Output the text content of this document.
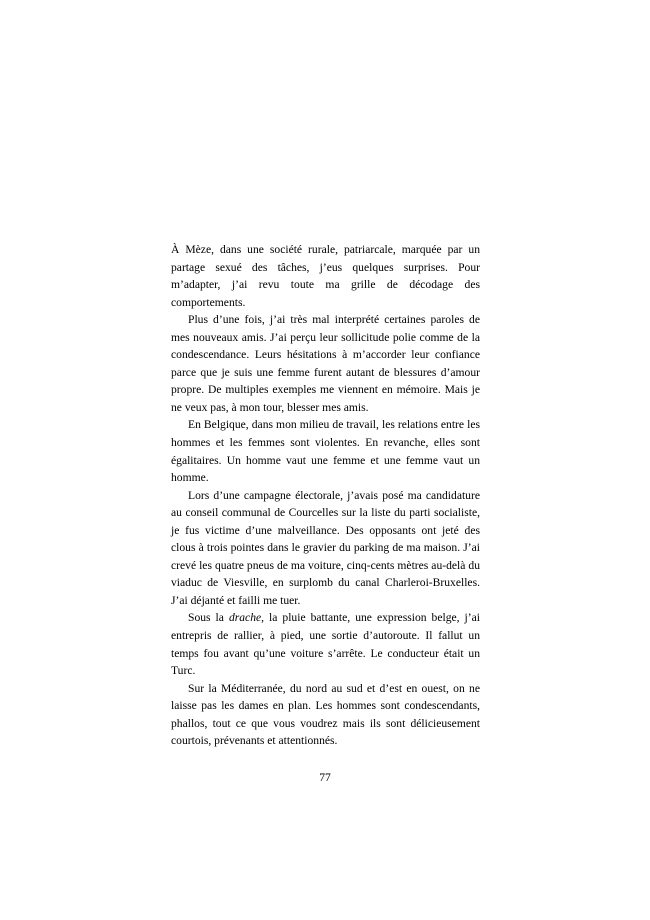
À Mèze, dans une société rurale, patriarcale, marquée par un partage sexué des tâches, j’eus quelques surprises. Pour m’adapter, j’ai revu toute ma grille de décodage des comportements.

Plus d’une fois, j’ai très mal interprété certaines paroles de mes nouveaux amis. J’ai perçu leur sollicitude polie comme de la condescendance. Leurs hésitations à m’accorder leur confiance parce que je suis une femme furent autant de blessures d’amour propre. De multiples exemples me viennent en mémoire. Mais je ne veux pas, à mon tour, blesser mes amis.

En Belgique, dans mon milieu de travail, les relations entre les hommes et les femmes sont violentes. En revanche, elles sont égalitaires. Un homme vaut une femme et une femme vaut un homme.

Lors d’une campagne électorale, j’avais posé ma candidature au conseil communal de Courcelles sur la liste du parti socialiste, je fus victime d’une malveillance. Des opposants ont jeté des clous à trois pointes dans le gravier du parking de ma maison. J’ai crevé les quatre pneus de ma voiture, cinq-cents mètres au-delà du viaduc de Viesville, en surplomb du canal Charleroi-Bruxelles. J’ai déjanté et failli me tuer.

Sous la drache, la pluie battante, une expression belge, j’ai entrepris de rallier, à pied, une sortie d’autoroute. Il fallut un temps fou avant qu’une voiture s’arrête. Le conducteur était un Turc.

Sur la Méditerranée, du nord au sud et d’est en ouest, on ne laisse pas les dames en plan. Les hommes sont condescendants, phallos, tout ce que vous voudrez mais ils sont délicieusement courtois, prévenants et attentionnés.

77
